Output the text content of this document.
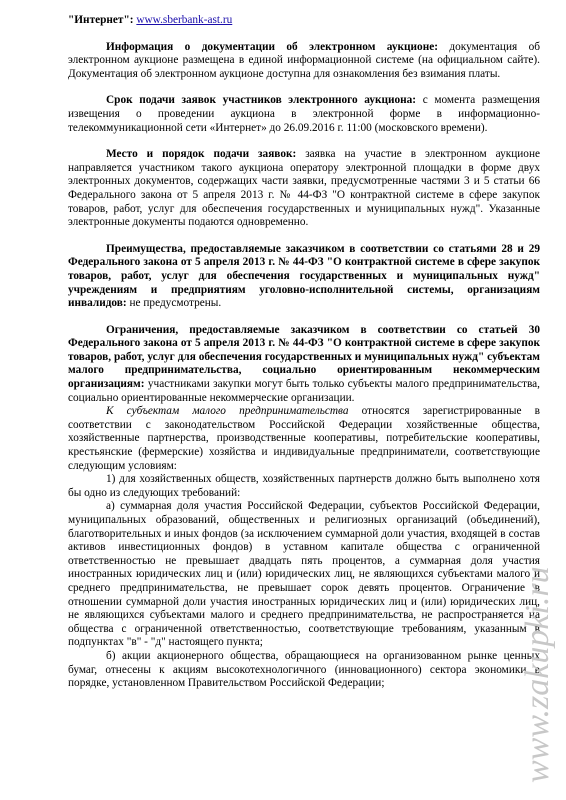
"Интернет": www.sberbank-ast.ru

Информация о документации об электронном аукционе: документация об электронном аукционе размещена в единой информационной системе (на официальном сайте). Документация об электронном аукционе доступна для ознакомления без взимания платы.

Срок подачи заявок участников электронного аукциона: с момента размещения извещения о проведении аукциона в электронной форме в информационно-телекоммуникационной сети «Интернет» до 26.09.2016 г. 11:00 (московского времени).

Место и порядок подачи заявок: заявка на участие в электронном аукционе направляется участником такого аукциона оператору электронной площадки в форме двух электронных документов, содержащих части заявки, предусмотренные частями 3 и 5 статьи 66 Федерального закона от 5 апреля 2013 г. № 44-ФЗ "О контрактной системе в сфере закупок товаров, работ, услуг для обеспечения государственных и муниципальных нужд". Указанные электронные документы подаются одновременно.

Преимущества, предоставляемые заказчиком в соответствии со статьями 28 и 29 Федерального закона от 5 апреля 2013 г. № 44-ФЗ "О контрактной системе в сфере закупок товаров, работ, услуг для обеспечения государственных и муниципальных нужд" учреждениям и предприятиям уголовно-исполнительной системы, организациям инвалидов: не предусмотрены.

Ограничения, предоставляемые заказчиком в соответствии со статьей 30 Федерального закона от 5 апреля 2013 г. № 44-ФЗ "О контрактной системе в сфере закупок товаров, работ, услуг для обеспечения государственных и муниципальных нужд" субъектам малого предпринимательства, социально ориентированным некоммерческим организациям: участниками закупки могут быть только субъекты малого предпринимательства, социально ориентированные некоммерческие организации.

К субъектам малого предпринимательства относятся зарегистрированные в соответствии с законодательством Российской Федерации хозяйственные общества, хозяйственные партнерства, производственные кооперативы, потребительские кооперативы, крестьянские (фермерские) хозяйства и индивидуальные предприниматели, соответствующие следующим условиям:

1) для хозяйственных обществ, хозяйственных партнерств должно быть выполнено хотя бы одно из следующих требований:

а) суммарная доля участия Российской Федерации, субъектов Российской Федерации, муниципальных образований, общественных и религиозных организаций (объединений), благотворительных и иных фондов (за исключением суммарной доли участия, входящей в состав активов инвестиционных фондов) в уставном капитале общества с ограниченной ответственностью не превышает двадцать пять процентов, а суммарная доля участия иностранных юридических лиц и (или) юридических лиц, не являющихся субъектами малого и среднего предпринимательства, не превышает сорок девять процентов. Ограничение в отношении суммарной доли участия иностранных юридических лиц и (или) юридических лиц, не являющихся субъектами малого и среднего предпринимательства, не распространяется на общества с ограниченной ответственностью, соответствующие требованиям, указанным в подпунктах "в" - "д" настоящего пункта;

б) акции акционерного общества, обращающиеся на организованном рынке ценных бумаг, отнесены к акциям высокотехнологичного (инновационного) сектора экономики в порядке, установленном Правительством Российской Федерации;	www.zakupki.ru
